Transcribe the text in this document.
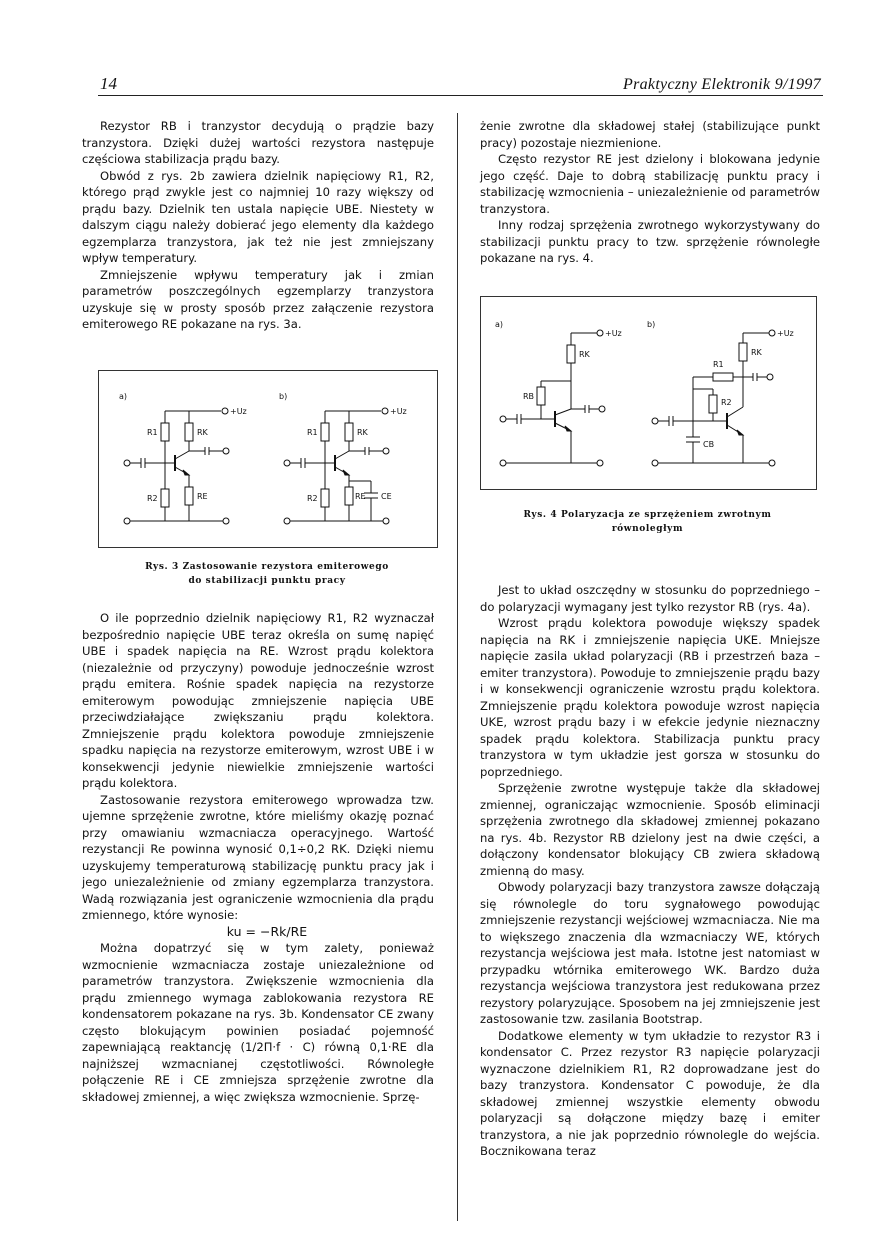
14	Praktyczny Elektronik 9/1997

Rezystor RB i tranzystor decydują o prądzie bazy tranzystora. Dzięki dużej wartości rezystora następuje częściowa stabilizacja prądu bazy.

Obwód z rys. 2b zawiera dzielnik napięciowy R1, R2, którego prąd zwykle jest co najmniej 10 razy większy od prądu bazy. Dzielnik ten ustala napięcie UBE. Niestety w dalszym ciągu należy dobierać jego elementy dla każdego egzemplarza tranzystora, jak też nie jest zmniejszany wpływ temperatury.

Zmniejszenie wpływu temperatury jak i zmian parametrów poszczególnych egzemplarzy tranzystora uzyskuje się w prosty sposób przez załączenie rezystora emiterowego RE pokazane na rys. 3a.

a)
+Uz
R1	RK
R2	RE
b)
+Uz
R1	RK
R2	RE CE
Rys. 3 Zastosowanie rezystora emiterowego
do stabilizacji punktu pracy

O ile poprzednio dzielnik napięciowy R1, R2 wyznaczał bezpośrednio napięcie UBE teraz określa on sumę napięć UBE i spadek napięcia na RE. Wzrost prądu kolektora (niezależnie od przyczyny) powoduje jednocześnie wzrost prądu emitera. Rośnie spadek napięcia na rezystorze emiterowym powodując zmniejszenie napięcia UBE przeciwdziałające zwiększaniu prądu kolektora. Zmniejszenie prądu kolektora powoduje zmniejszenie spadku napięcia na rezystorze emiterowym, wzrost UBE i w konsekwencji jedynie niewielkie zmniejszenie wartości prądu kolektora.

Zastosowanie rezystora emiterowego wprowadza tzw. ujemne sprzężenie zwrotne, które mieliśmy okazję poznać przy omawianiu wzmacniacza operacyjnego. Wartość rezystancji Re powinna wynosić 0,1÷0,2 RK. Dzięki niemu uzyskujemy temperaturową stabilizację punktu pracy jak i jego uniezależnienie od zmiany egzemplarza tranzystora. Wadą rozwiązania jest ograniczenie wzmocnienia dla prądu zmiennego, które wynosie:

ku = −Rk/RE

Można dopatrzyć się w tym zalety, ponieważ wzmocnienie wzmacniacza zostaje uniezależnione od parametrów tranzystora. Zwiększenie wzmocnienia dla prądu zmiennego wymaga zablokowania rezystora RE kondensatorem pokazane na rys. 3b. Kondensator CE zwany często blokującym powinien posiadać pojemność zapewniającą reaktancję (1/2Π·f · C) równą 0,1·RE dla najniższej wzmacnianej częstotliwości. Równoległe połączenie RE i CE zmniejsza sprzężenie zwrotne dla składowej zmiennej, a więc zwiększa wzmocnienie. Sprzę-

żenie zwrotne dla składowej stałej (stabilizujące punkt pracy) pozostaje niezmienione.

Często rezystor RE jest dzielony i blokowana jedynie jego część. Daje to dobrą stabilizację punktu pracy i stabilizację wzmocnienia – uniezależnienie od parametrów tranzystora.

Inny rodzaj sprzężenia zwrotnego wykorzystywany do stabilizacji punktu pracy to tzw. sprzężenie równoległe pokazane na rys. 4.

a)
+Uz
RK
RB
b)
+Uz
RK
R1
R2
CB
Rys. 4 Polaryzacja ze sprzężeniem zwrotnym
równoległym

Jest to układ oszczędny w stosunku do poprzedniego – do polaryzacji wymagany jest tylko rezystor RB (rys. 4a).

Wzrost prądu kolektora powoduje większy spadek napięcia na RK i zmniejszenie napięcia UKE. Mniejsze napięcie zasila układ polaryzacji (RB i przestrzeń baza – emiter tranzystora). Powoduje to zmniejszenie prądu bazy i w konsekwencji ograniczenie wzrostu prądu kolektora. Zmniejszenie prądu kolektora powoduje wzrost napięcia UKE, wzrost prądu bazy i w efekcie jedynie nieznaczny spadek prądu kolektora. Stabilizacja punktu pracy tranzystora w tym układzie jest gorsza w stosunku do poprzedniego.

Sprzężenie zwrotne występuje także dla składowej zmiennej, ograniczając wzmocnienie. Sposób eliminacji sprzężenia zwrotnego dla składowej zmiennej pokazano na rys. 4b. Rezystor RB dzielony jest na dwie części, a dołączony kondensator blokujący CB zwiera składową zmienną do masy.

Obwody polaryzacji bazy tranzystora zawsze dołączają się równolegle do toru sygnałowego powodując zmniejszenie rezystancji wejściowej wzmacniacza. Nie ma to większego znaczenia dla wzmacniaczy WE, których rezystancja wejściowa jest mała. Istotne jest natomiast w przypadku wtórnika emiterowego WK. Bardzo duża rezystancja wejściowa tranzystora jest redukowana przez rezystory polaryzujące. Sposobem na jej zmniejszenie jest zastosowanie tzw. zasilania Bootstrap.

Dodatkowe elementy w tym układzie to rezystor R3 i kondensator C. Przez rezystor R3 napięcie polaryzacji wyznaczone dzielnikiem R1, R2 doprowadzane jest do bazy tranzystora. Kondensator C powoduje, że dla składowej zmiennej wszystkie elementy obwodu polaryzacji są dołączone między bazę i emiter tranzystora, a nie jak poprzednio równolegle do wejścia. Bocznikowana teraz
